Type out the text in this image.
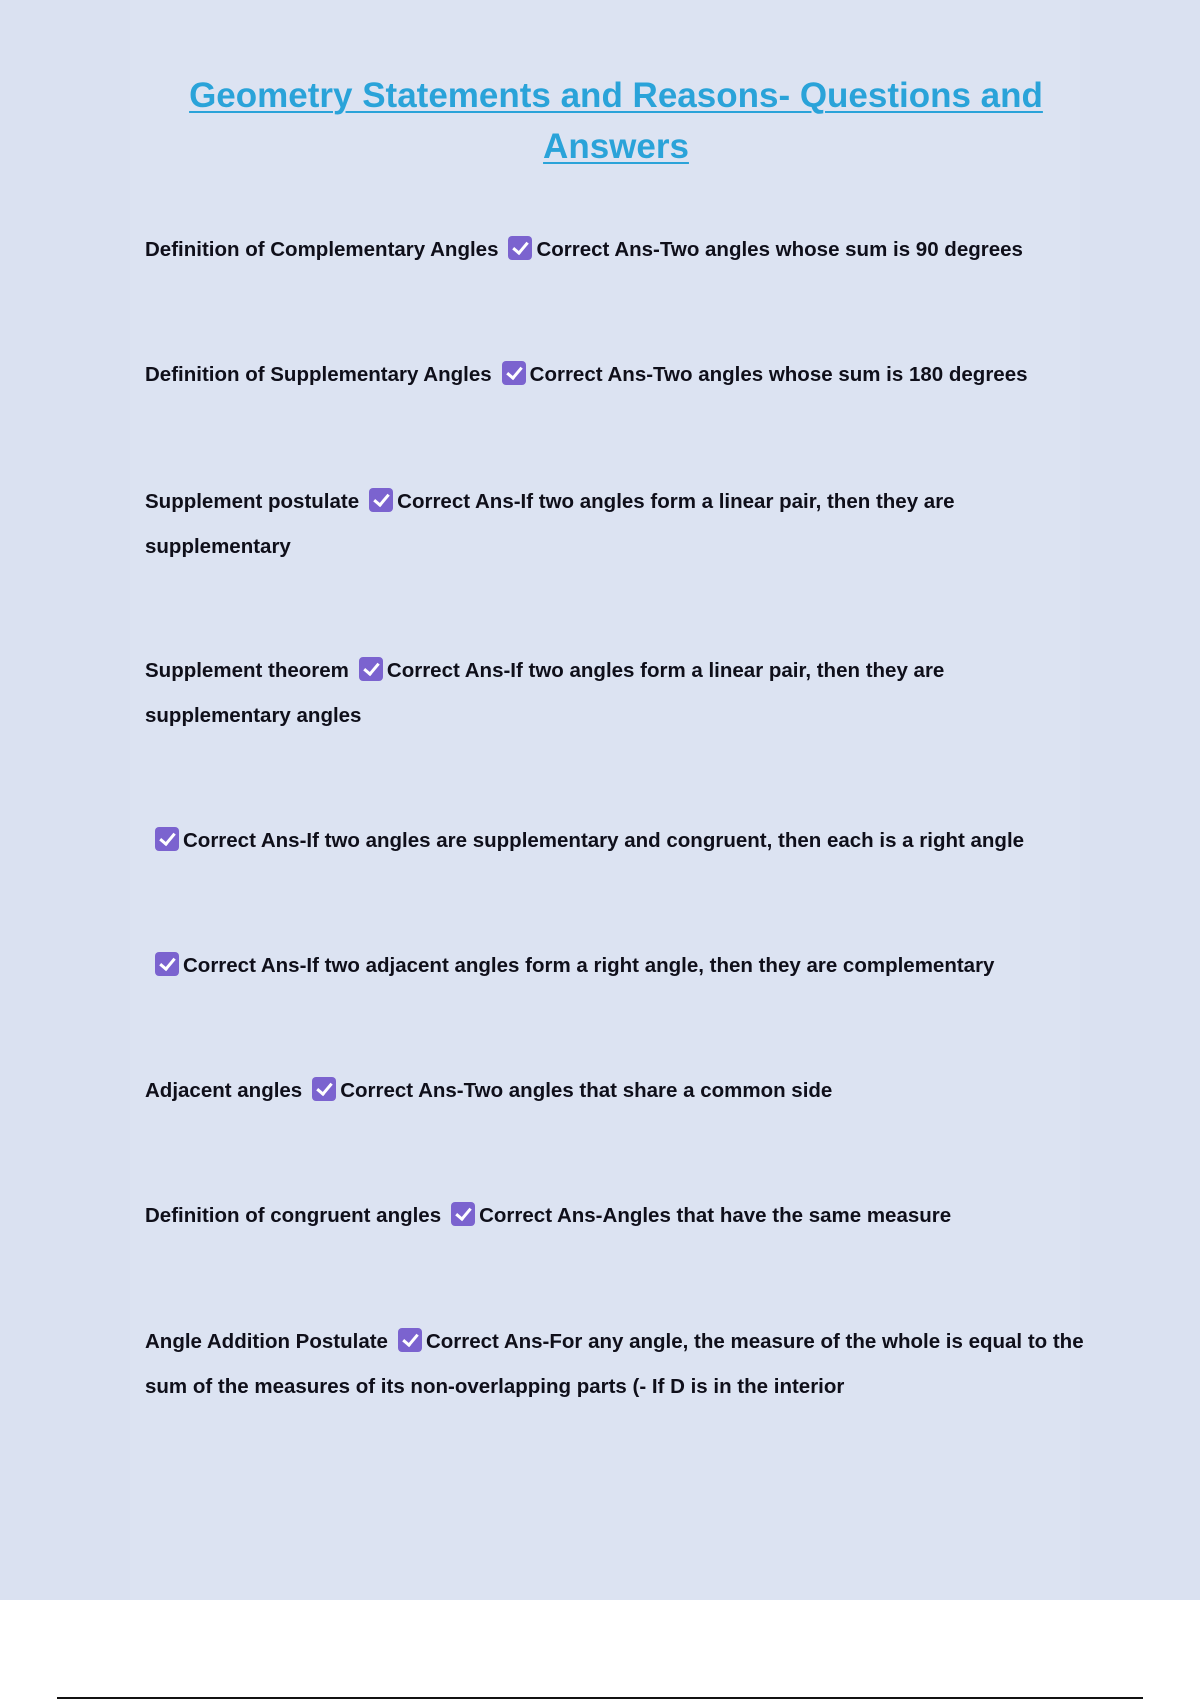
Geometry Statements and Reasons- Questions and Answers

Definition of Complementary Angles Correct Ans-Two angles whose sum is 90 degrees

Definition of Supplementary Angles Correct Ans-Two angles whose sum is 180 degrees

Supplement postulate Correct Ans-If two angles form a linear pair, then they are supplementary

Supplement theorem Correct Ans-If two angles form a linear pair, then they are supplementary angles

Correct Ans-If two angles are supplementary and congruent, then each is a right angle

Correct Ans-If two adjacent angles form a right angle, then they are complementary

Adjacent angles Correct Ans-Two angles that share a common side

Definition of congruent angles Correct Ans-Angles that have the same measure

Angle Addition Postulate Correct Ans-For any angle, the measure of the whole is equal to the sum of the measures of its non-overlapping parts (- If D is in the interior
